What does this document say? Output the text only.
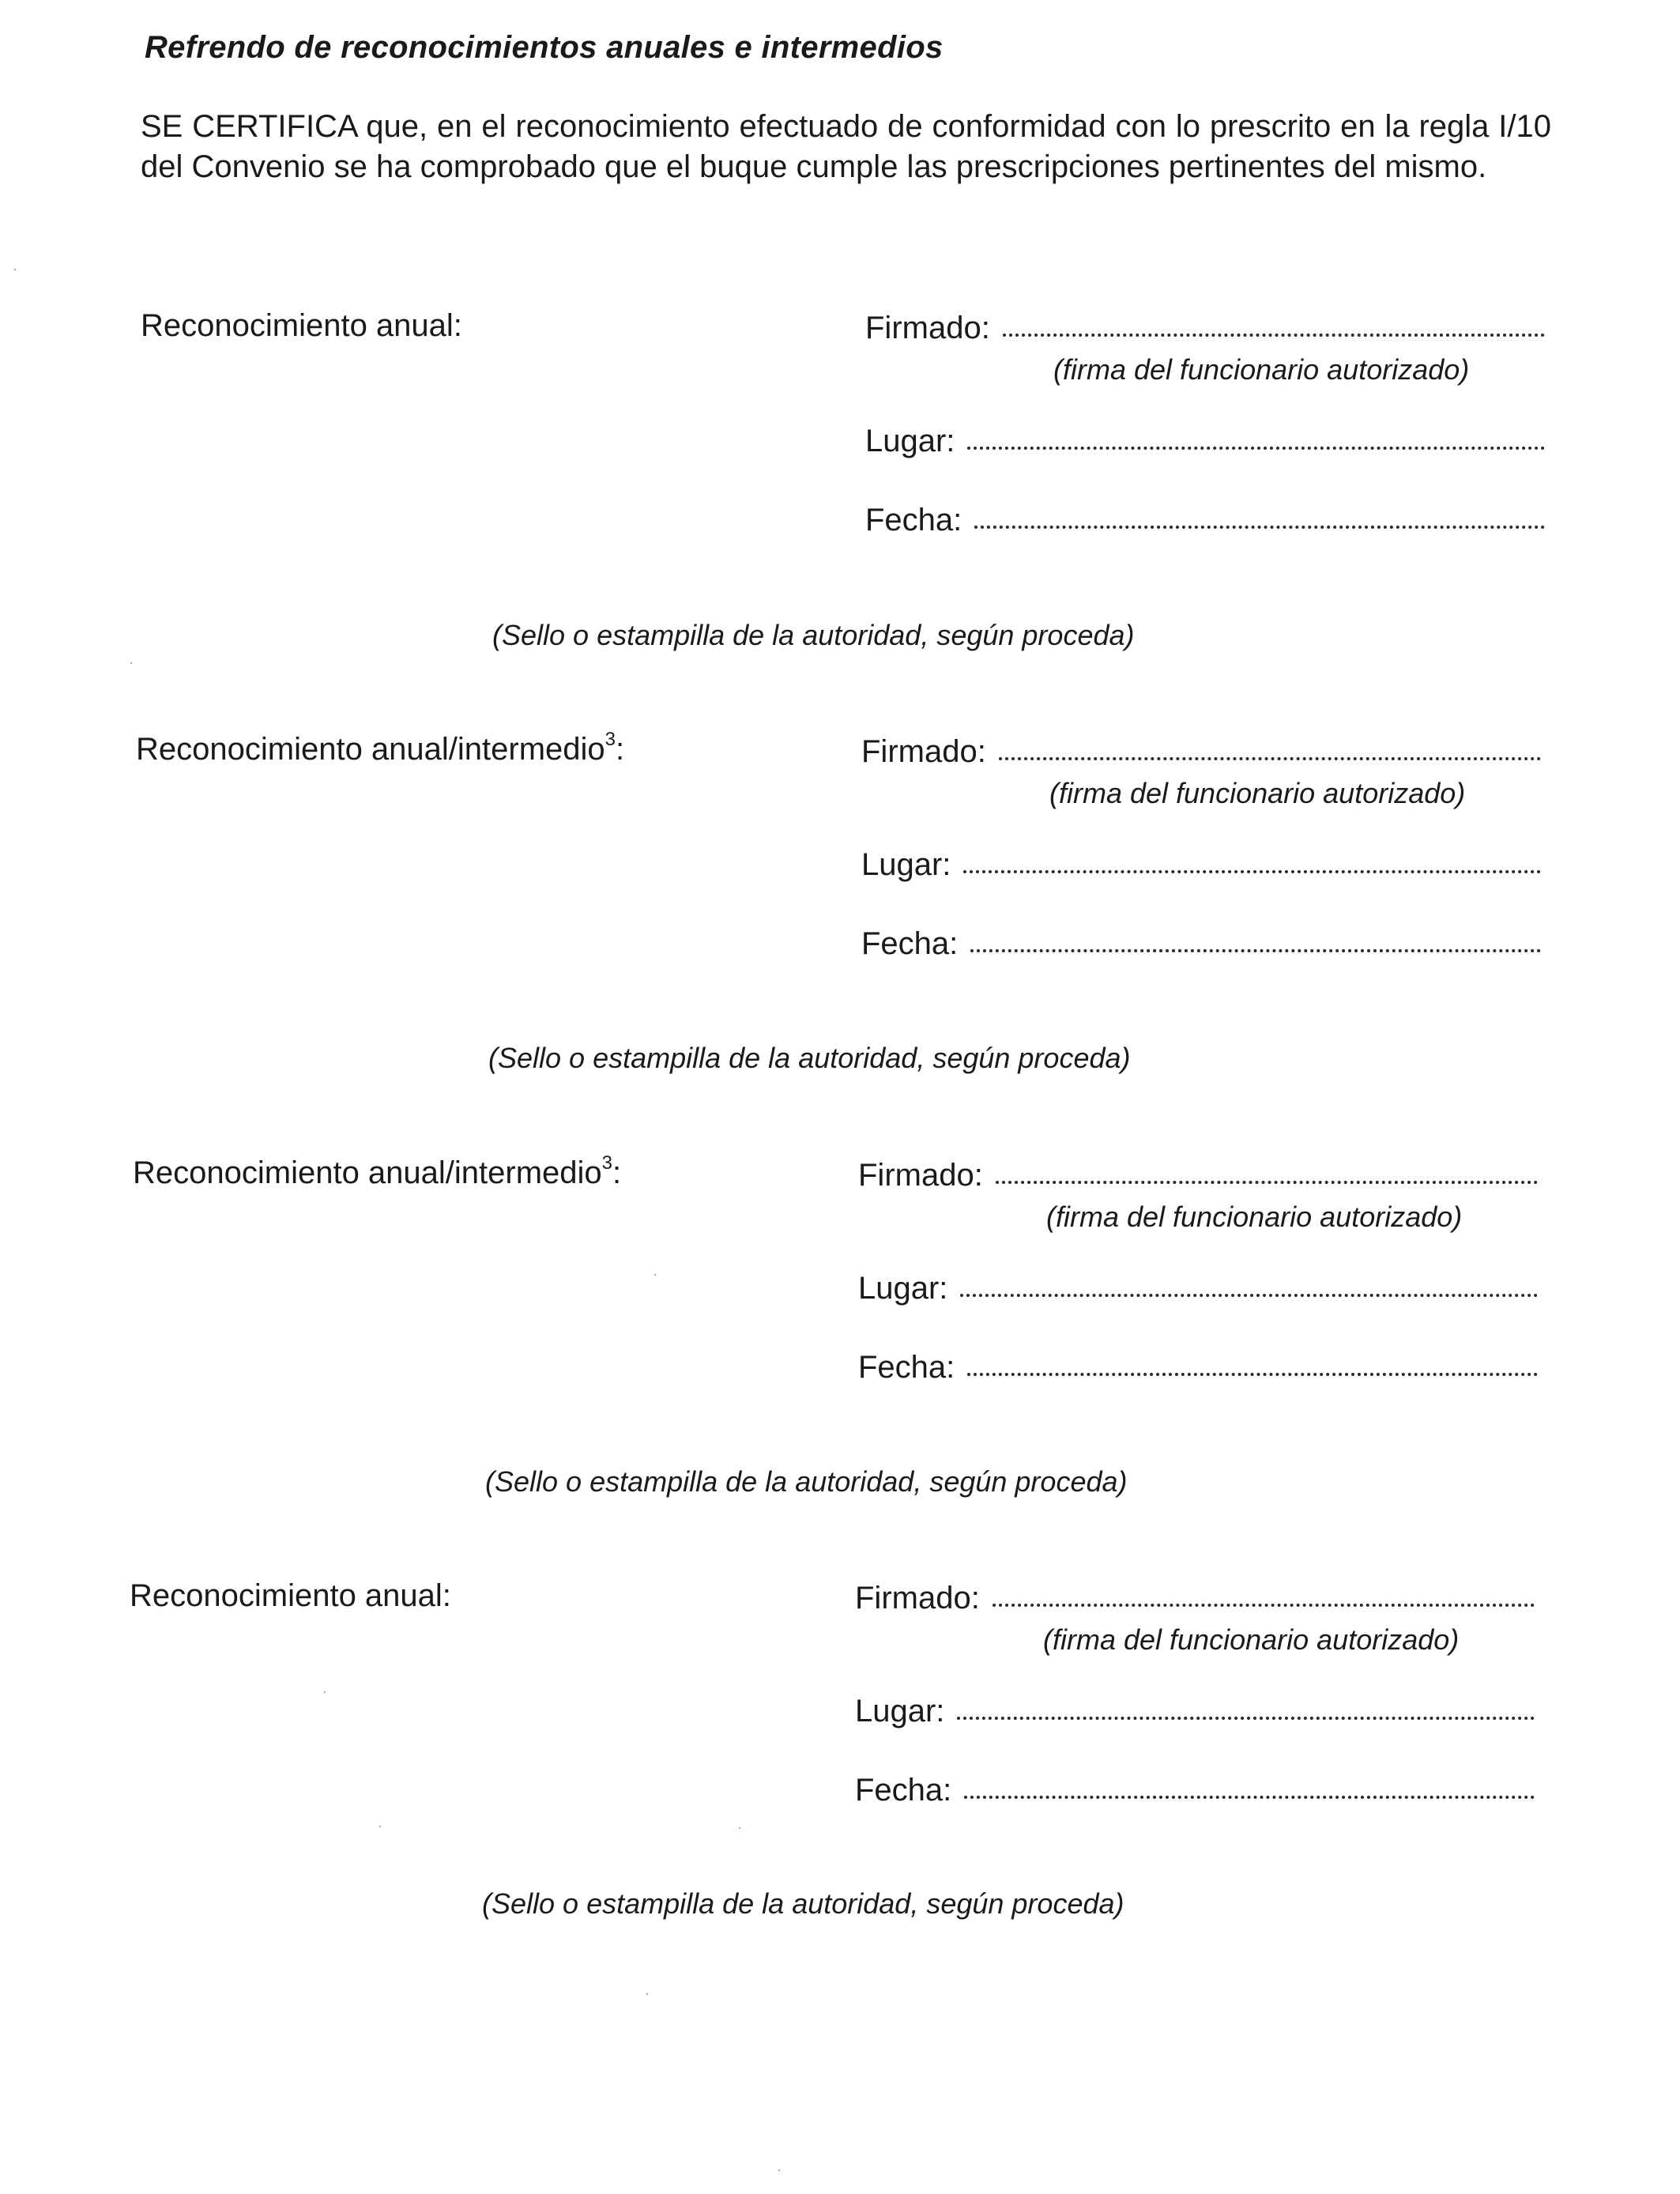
Refrendo de reconocimientos anuales e intermedios
SE CERTIFICA que, en el reconocimiento efectuado de conformidad con lo prescrito en la regla I/10 del Convenio se ha comprobado que el buque cumple las prescripciones pertinentes del mismo.
Reconocimiento anual:	Firmado:
(firma del funcionario autorizado)
Lugar:
Fecha:
(Sello o estampilla de la autoridad, según proceda)
Reconocimiento anual/intermedio$^3$:	Firmado:
(firma del funcionario autorizado)
Lugar:
Fecha:
(Sello o estampilla de la autoridad, según proceda)
Reconocimiento anual/intermedio$^3$:	Firmado:
(firma del funcionario autorizado)
Lugar:
Fecha:
(Sello o estampilla de la autoridad, según proceda)
Reconocimiento anual:	Firmado:
(firma del funcionario autorizado)
Lugar:
Fecha:
(Sello o estampilla de la autoridad, según proceda)
